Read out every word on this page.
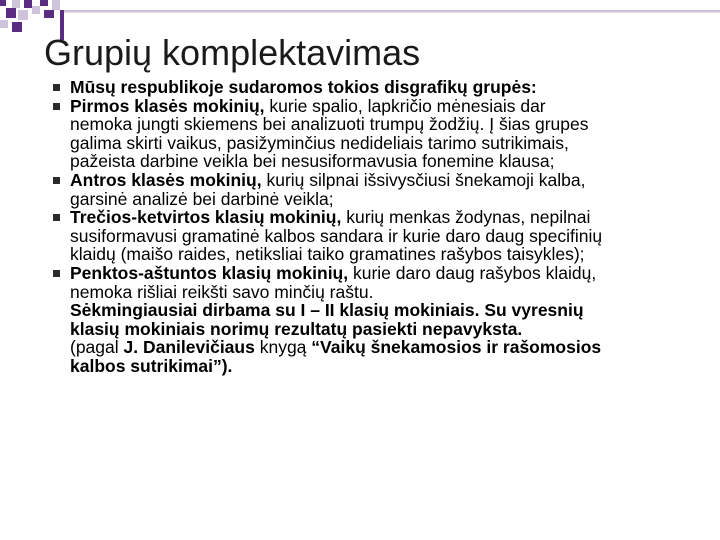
Grupių komplektavimas
Mūsų respublikoje sudaromos tokios disgrafikų grupės:
Pirmos klasės mokinių, kurie spalio, lapkričio mėnesiais dar
nemoka jungti skiemens bei analizuoti trumpų žodžių. Į šias grupes
galima skirti vaikus, pasižyminčius nedideliais tarimo sutrikimais,
pažeista darbine veikla bei nesusiformavusia fonemine klausa;
Antros klasės mokinių, kurių silpnai išsivysčiusi šnekamoji kalba,
garsinė analizė bei darbinė veikla;
Trečios-ketvirtos klasių mokinių, kurių menkas žodynas, nepilnai
susiformavusi gramatinė kalbos sandara ir kurie daro daug specifinių
klaidų (maišo raides, netiksliai taiko gramatines rašybos taisykles);
Penktos-aštuntos klasių mokinių, kurie daro daug rašybos klaidų,
nemoka rišliai reikšti savo minčių raštu.
Sėkmingiausiai dirbama su I – II klasių mokiniais. Su vyresnių
klasių mokiniais norimų rezultatų pasiekti nepavyksta.
(pagal J. Danilevičiaus knygą “Vaikų šnekamosios ir rašomosios
kalbos sutrikimai”).
